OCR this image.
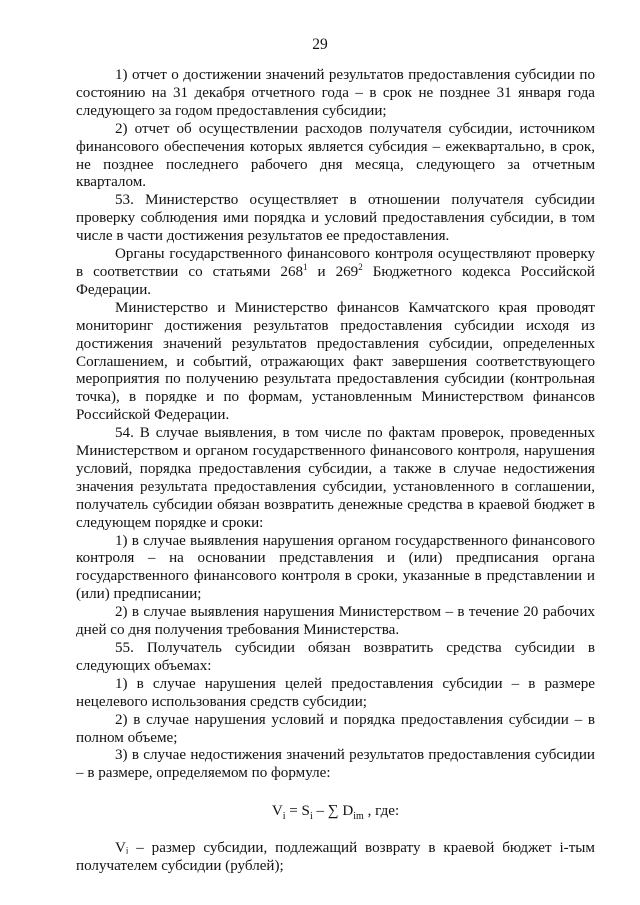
29

1) отчет о достижении значений результатов предоставления субсидии по состоянию на 31 декабря отчетного года – в срок не позднее 31 января года следующего за годом предоставления субсидии;

2) отчет об осуществлении расходов получателя субсидии, источником финансового обеспечения которых является субсидия – ежеквартально, в срок, не позднее последнего рабочего дня месяца, следующего за отчетным кварталом.

53. Министерство осуществляет в отношении получателя субсидии проверку соблюдения ими порядка и условий предоставления субсидии, в том числе в части достижения результатов ее предоставления.

Органы государственного финансового контроля осуществляют проверку в соответствии со статьями $268^1$ и $269^2$ Бюджетного кодекса Российской Федерации.

Министерство и Министерство финансов Камчатского края проводят мониторинг достижения результатов предоставления субсидии исходя из достижения значений результатов предоставления субсидии, определенных Соглашением, и событий, отражающих факт завершения соответствующего мероприятия по получению результата предоставления субсидии (контрольная точка), в порядке и по формам, установленным Министерством финансов Российской Федерации.

54. В случае выявления, в том числе по фактам проверок, проведенных Министерством и органом государственного финансового контроля, нарушения условий, порядка предоставления субсидии, а также в случае недостижения значения результата предоставления субсидии, установленного в соглашении, получатель субсидии обязан возвратить денежные средства в краевой бюджет в следующем порядке и сроки:

1) в случае выявления нарушения органом государственного финансового контроля – на основании представления и (или) предписания органа государственного финансового контроля в сроки, указанные в представлении и (или) предписании;

2) в случае выявления нарушения Министерством – в течение 20 рабочих дней со дня получения требования Министерства.

55. Получатель субсидии обязан возвратить средства субсидии в следующих объемах:

1) в случае нарушения целей предоставления субсидии – в размере нецелевого использования средств субсидии;

2) в случае нарушения условий и порядка предоставления субсидии – в полном объеме;

3) в случае недостижения значений результатов предоставления субсидии – в размере, определяемом по формуле:

$V_i = S_i$ – ∑ $D_{im}$ , где:

Vᵢ – размер субсидии, подлежащий возврату в краевой бюджет i-тым получателем субсидии (рублей);
